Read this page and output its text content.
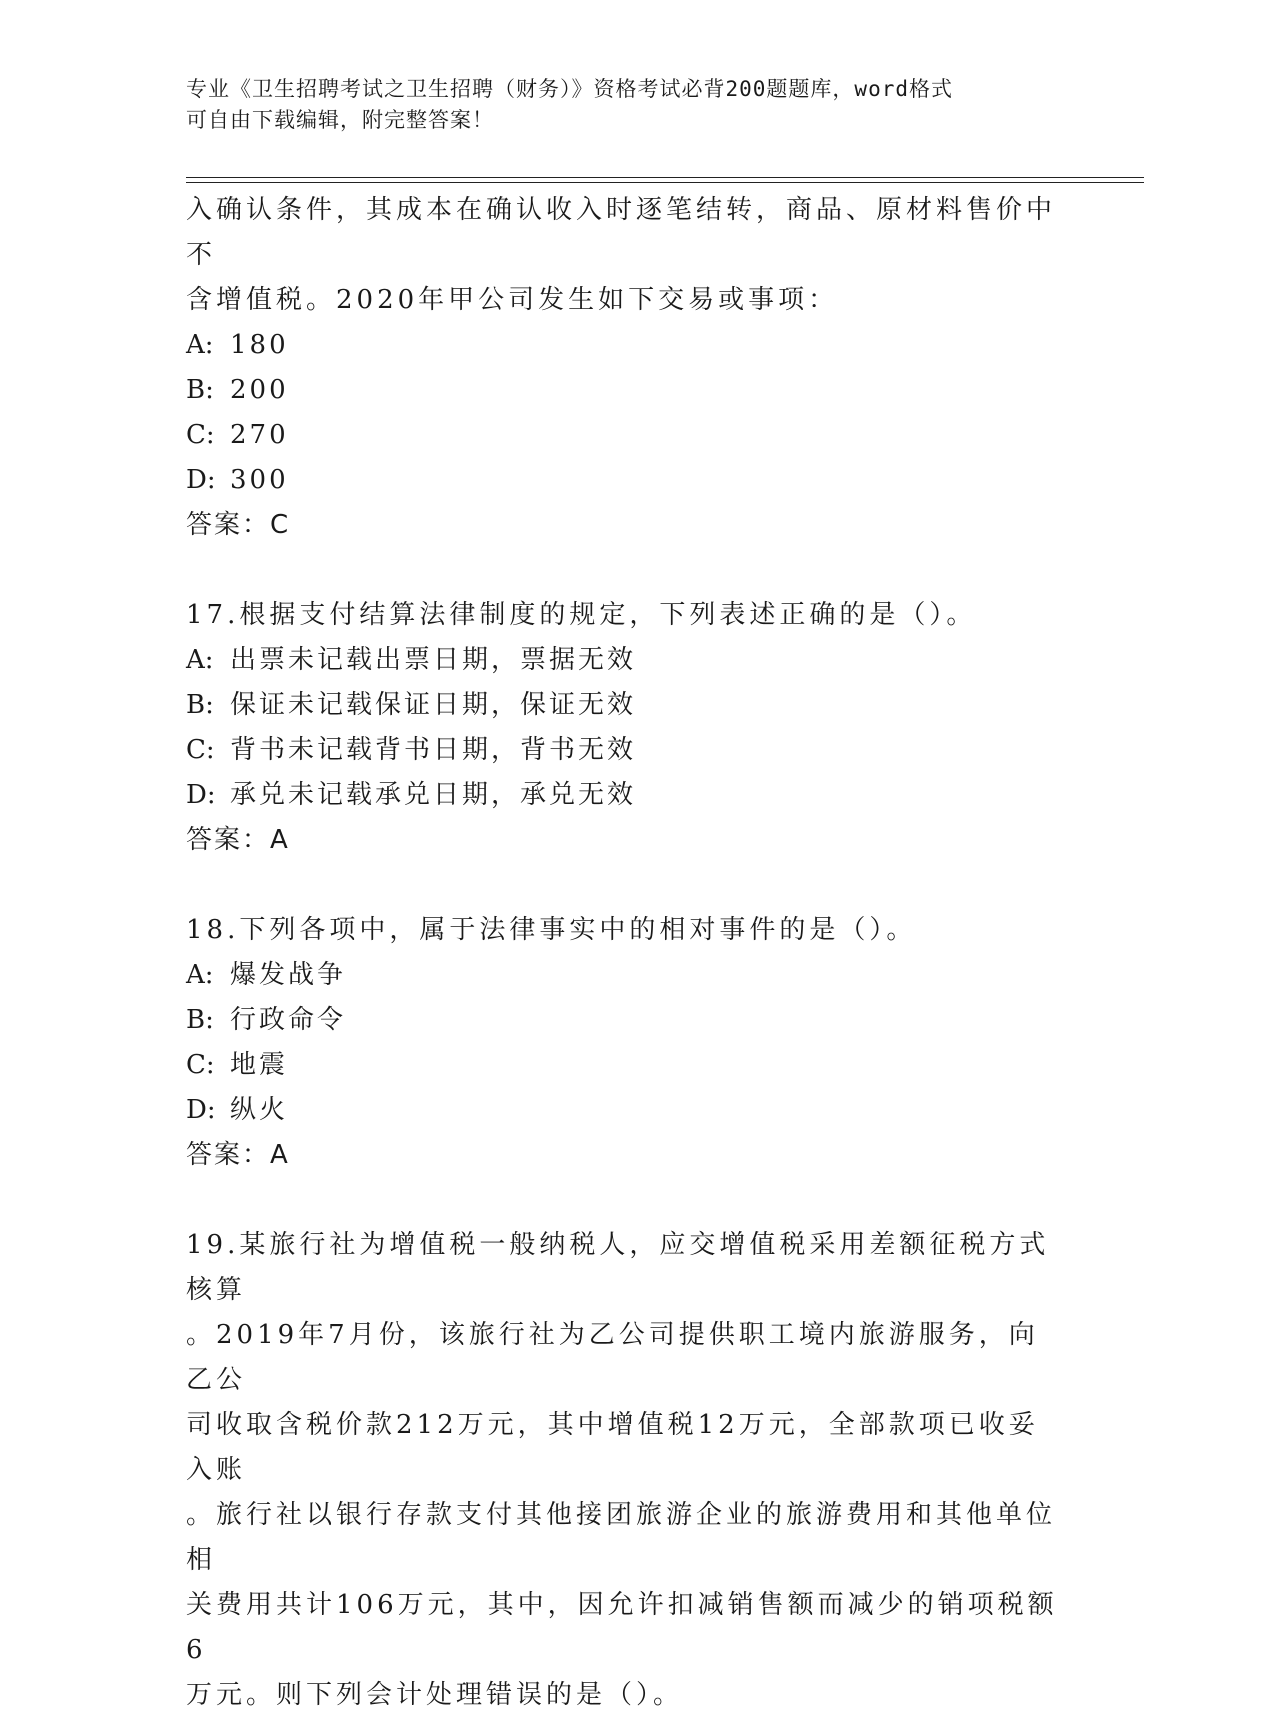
专业《卫生招聘考试之卫生招聘（财务）》资格考试必背200题题库，word格式
可自由下载编辑，附完整答案！

入确认条件，其成本在确认收入时逐笔结转，商品、原材料售价中不

含增值税。2020年甲公司发生如下交易或事项：

A: 180

B: 200

C: 270

D: 300

答案：C

17.根据支付结算法律制度的规定，下列表述正确的是（）。

A: 出票未记载出票日期，票据无效

B: 保证未记载保证日期，保证无效

C: 背书未记载背书日期，背书无效

D: 承兑未记载承兑日期，承兑无效

答案：A

18.下列各项中，属于法律事实中的相对事件的是（）。

A: 爆发战争

B: 行政命令

C: 地震

D: 纵火

答案：A

19.某旅行社为增值税一般纳税人，应交增值税采用差额征税方式核算

。2019年7月份，该旅行社为乙公司提供职工境内旅游服务，向乙公

司收取含税价款212万元，其中增值税12万元，全部款项已收妥入账

。旅行社以银行存款支付其他接团旅游企业的旅游费用和其他单位相

关费用共计106万元，其中，因允许扣减销售额而减少的销项税额6

万元。则下列会计处理错误的是（）。
